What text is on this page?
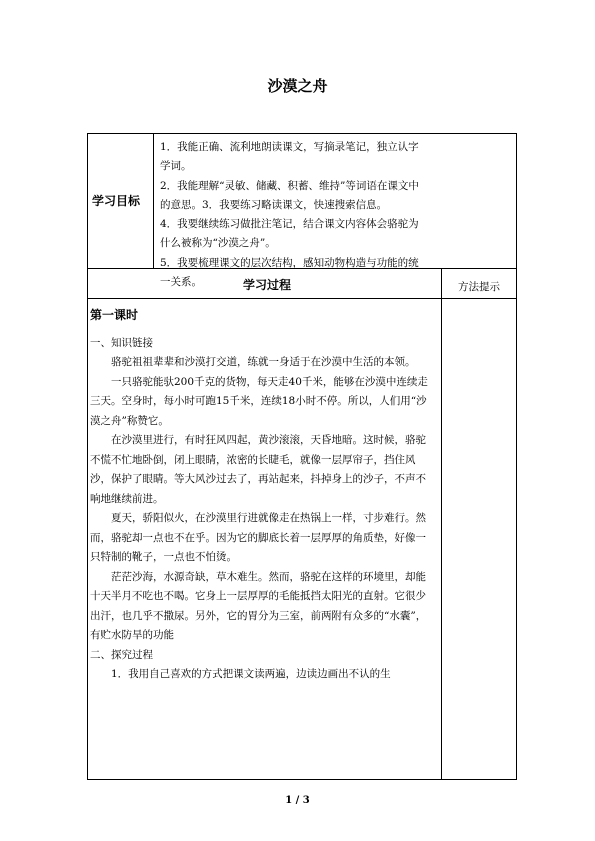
沙漠之舟
学习目标

1．我能正确、流利地朗读课文，写摘录笔记，独立认字学词。

2．我能理解“灵敏、储藏、积蓄、维持”等词语在课文中的意思。3．我要练习略读课文，快速搜索信息。

4．我要继续练习做批注笔记，结合课文内容体会骆驼为什么被称为“沙漠之舟”。

5．我要梳理课文的层次结构，感知动物构造与功能的统一关系。	学习过程	方法提示

第一课时

一、知识链接

骆驼祖祖辈辈和沙漠打交道，练就一身适于在沙漠中生活的本领。

一只骆驼能驮200千克的货物，每天走40千米，能够在沙漠中连续走三天。空身时，每小时可跑15千米，连续18小时不停。所以，人们用“沙漠之舟”称赞它。

在沙漠里进行，有时狂风四起，黄沙滚滚，天昏地暗。这时候，骆驼不慌不忙地卧倒，闭上眼睛，浓密的长睫毛，就像一层厚帘子，挡住风沙，保护了眼睛。等大风沙过去了，再站起来，抖掉身上的沙子，不声不响地继续前进。

夏天，骄阳似火，在沙漠里行进就像走在热锅上一样，寸步难行。然而，骆驼却一点也不在乎。因为它的脚底长着一层厚厚的角质垫，好像一只特制的靴子，一点也不怕烫。

茫茫沙海，水源奇缺，草木难生。然而，骆驼在这样的环境里，却能十天半月不吃也不喝。它身上一层厚厚的毛能抵挡太阳光的直射。它很少出汗，也几乎不撒尿。另外，它的胃分为三室，前两附有众多的“水囊”，有贮水防旱的功能

二、探究过程

1．我用自己喜欢的方式把课文读两遍，边读边画出不认的生

1 / 3
